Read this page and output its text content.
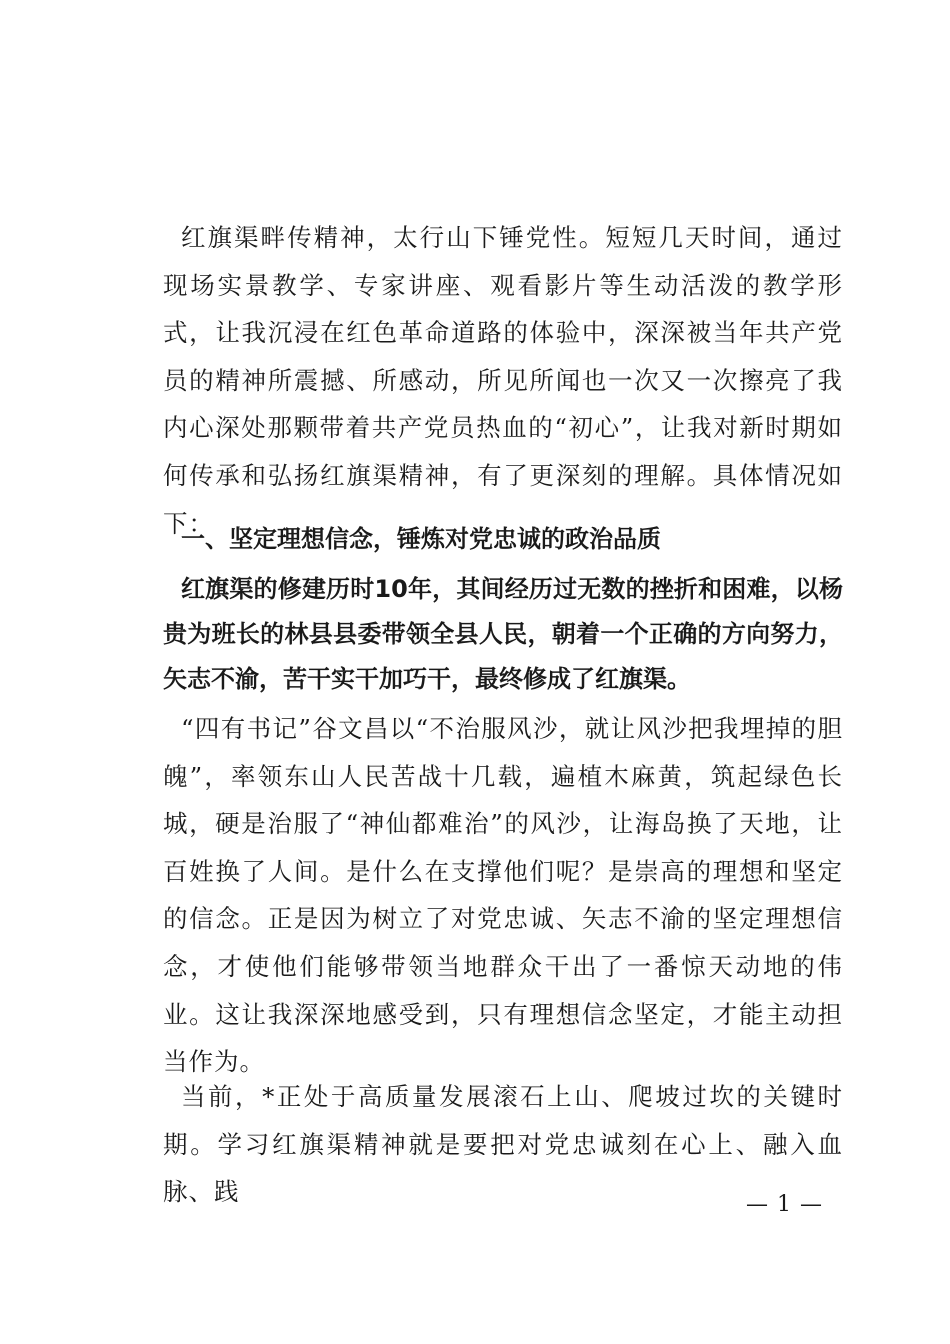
红旗渠畔传精神，太行山下锤党性。短短几天时间，通过现场实景教学、专家讲座、观看影片等生动活泼的教学形式，让我沉浸在红色革命道路的体验中，深深被当年共产党员的精神所震撼、所感动，所见所闻也一次又一次擦亮了我内心深处那颗带着共产党员热血的“初心”，让我对新时期如何传承和弘扬红旗渠精神，有了更深刻的理解。具体情况如下：

一、坚定理想信念，锤炼对党忠诚的政治品质

红旗渠的修建历时10年，其间经历过无数的挫折和困难，以杨贵为班长的林县县委带领全县人民，朝着一个正确的方向努力，矢志不渝，苦干实干加巧干，最终修成了红旗渠。

“四有书记”谷文昌以“不治服风沙，就让风沙把我埋掉的胆魄”，率领东山人民苦战十几载，遍植木麻黄，筑起绿色长城，硬是治服了“神仙都难治”的风沙，让海岛换了天地，让百姓换了人间。是什么在支撑他们呢？是崇高的理想和坚定的信念。正是因为树立了对党忠诚、矢志不渝的坚定理想信念，才使他们能够带领当地群众干出了一番惊天动地的伟业。这让我深深地感受到，只有理想信念坚定，才能主动担当作为。

当前，*正处于高质量发展滚石上山、爬坡过坎的关键时期。学习红旗渠精神就是要把对党忠诚刻在心上、融入血脉、践	— 1 —
